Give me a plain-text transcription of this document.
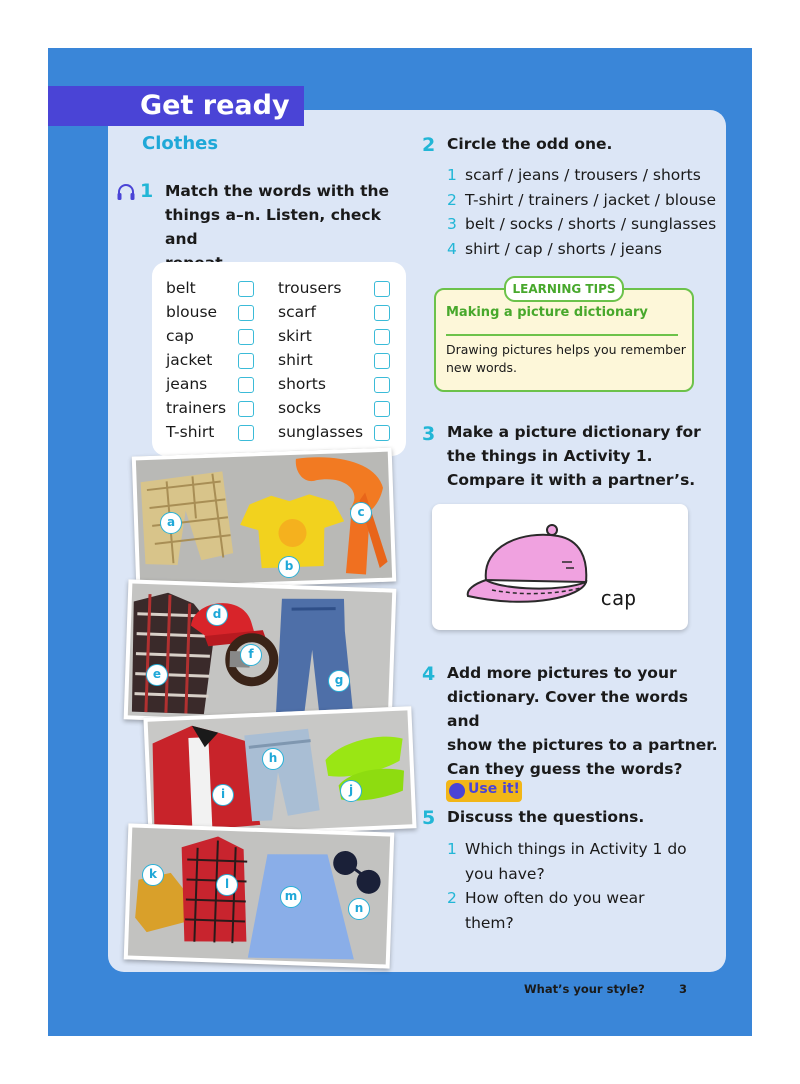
Get ready
Clothes
1 Match the words with the
things a–n. Listen, check and
belt
blouse
cap
jacket
jeans
trainers
T-shirt
trousers
scarf
skirt
shirt
shorts
socks
sunglasses
a
b
c
d
e
f
g
h
i	j
k
l
m
n
2 Circle the odd one.
1 scarf / jeans / trousers / shorts
2 T-shirt / trainers / jacket / blouse
3 belt / socks / shorts / sunglasses
4 shirt / cap / shorts / jeans
LEARNING TIPS
Making a picture dictionary
Drawing pictures helps you remember
new words.
3 Make a picture dictionary for
the things in Activity 1.
Compare it with a partner’s.
cap
4 Add more pictures to your
dictionary. Cover the words and
show the pictures to a partner.
Can they guess the words?
Use it!
5 Discuss the questions.
1 Which things in Activity 1 do
you have?
2 How often do you wear
them?
What’s your style?	3
